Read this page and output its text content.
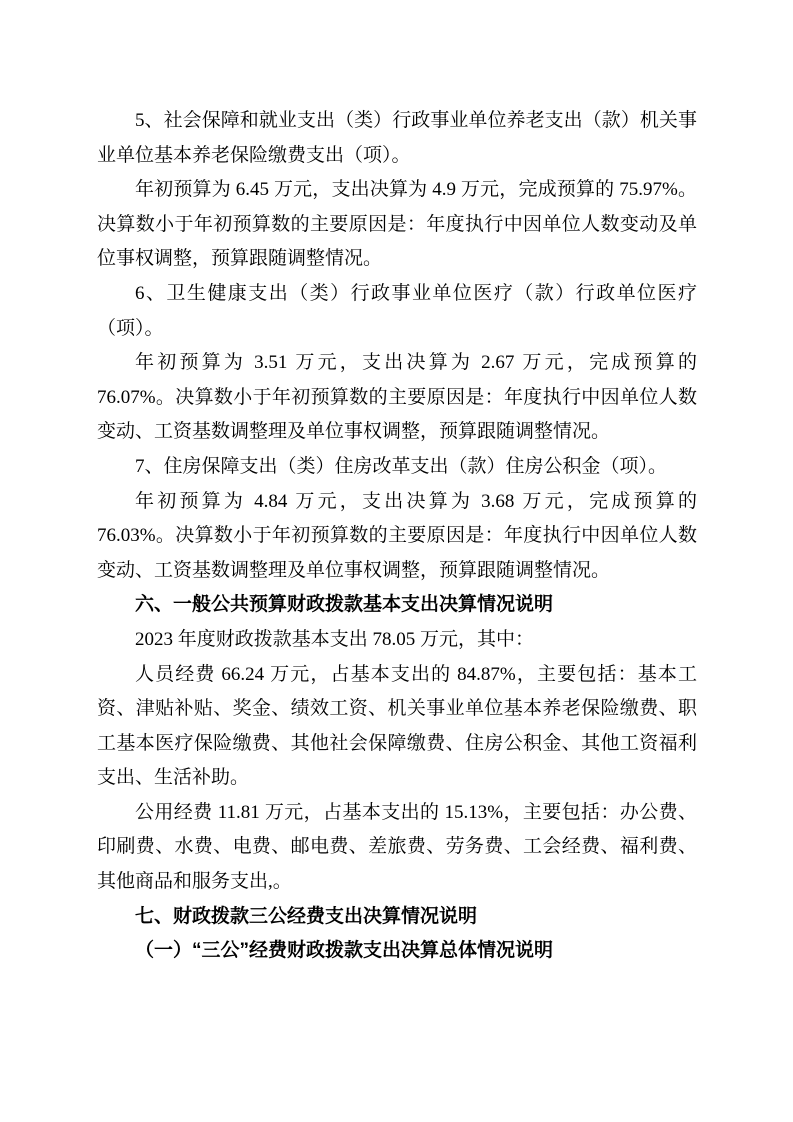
5、社会保障和就业支出（类）行政事业单位养老支出（款）机关事业单位基本养老保险缴费支出（项）。

年初预算为 6.45 万元，支出决算为 4.9 万元，完成预算的 75.97%。决算数小于年初预算数的主要原因是：年度执行中因单位人数变动及单位事权调整，预算跟随调整情况。

6、卫生健康支出（类）行政事业单位医疗（款）行政单位医疗（项）。

年初预算为 3.51 万元，支出决算为 2.67 万元，完成预算的 76.07%。决算数小于年初预算数的主要原因是：年度执行中因单位人数变动、工资基数调整理及单位事权调整，预算跟随调整情况。

7、住房保障支出（类）住房改革支出（款）住房公积金（项）。

年初预算为 4.84 万元，支出决算为 3.68 万元，完成预算的 76.03%。决算数小于年初预算数的主要原因是：年度执行中因单位人数变动、工资基数调整理及单位事权调整，预算跟随调整情况。

六、一般公共预算财政拨款基本支出决算情况说明

2023 年度财政拨款基本支出 78.05 万元，其中：

人员经费 66.24 万元，占基本支出的 84.87%，主要包括：基本工资、津贴补贴、奖金、绩效工资、机关事业单位基本养老保险缴费、职工基本医疗保险缴费、其他社会保障缴费、住房公积金、其他工资福利支出、生活补助。

公用经费 11.81 万元，占基本支出的 15.13%，主要包括：办公费、印刷费、水费、电费、邮电费、差旅费、劳务费、工会经费、福利费、其他商品和服务支出,。

七、财政拨款三公经费支出决算情况说明

（一）“三公”经费财政拨款支出决算总体情况说明
